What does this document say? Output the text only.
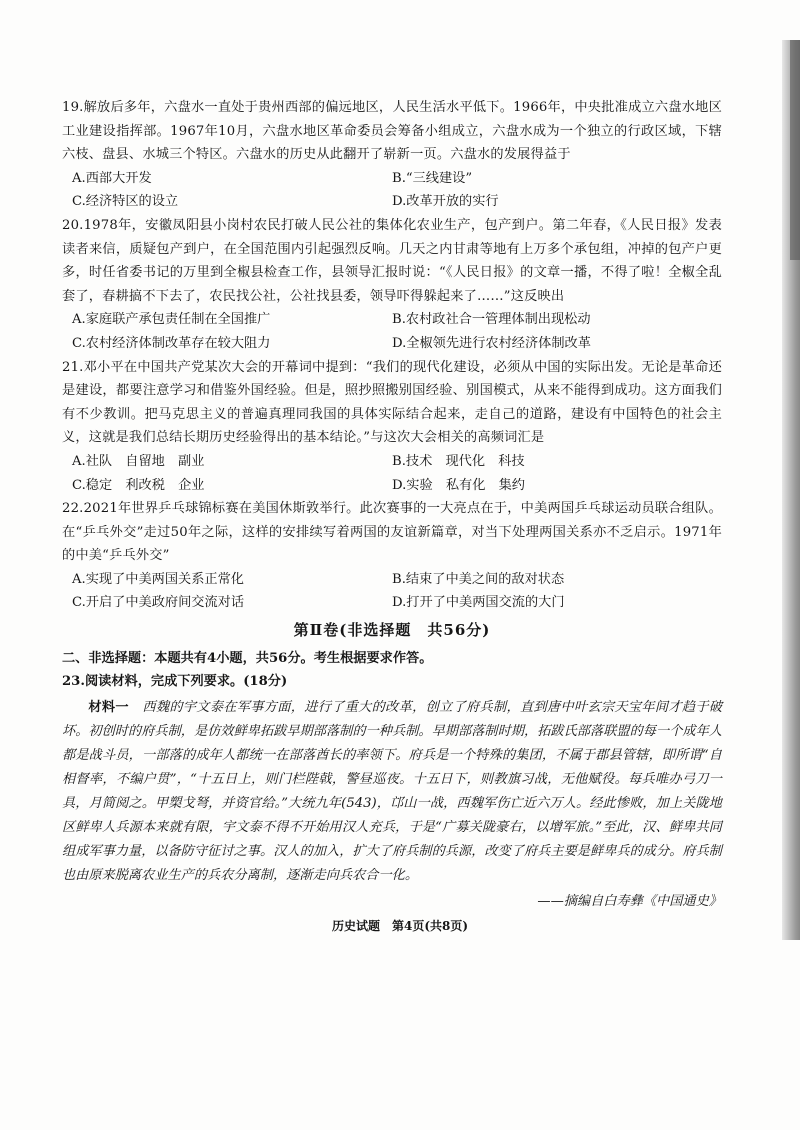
19.解放后多年，六盘水一直处于贵州西部的偏远地区，人民生活水平低下。1966年，中央批准成立六盘水地区工业建设指挥部。1967年10月，六盘水地区革命委员会筹备小组成立，六盘水成为一个独立的行政区域，下辖六枝、盘县、水城三个特区。六盘水的历史从此翻开了崭新一页。六盘水的发展得益于
A.西部大开发	B.“三线建设”
C.经济特区的设立	D.改革开放的实行
20.1978年，安徽凤阳县小岗村农民打破人民公社的集体化农业生产，包产到户。第二年春，《人民日报》发表读者来信，质疑包产到户，在全国范围内引起强烈反响。几天之内甘肃等地有上万多个承包组，冲掉的包产户更多，时任省委书记的万里到全椒县检查工作，县领导汇报时说：“《人民日报》的文章一播，不得了啦！全椒全乱套了，春耕搞不下去了，农民找公社，公社找县委，领导吓得躲起来了……”这反映出
A.家庭联产承包责任制在全国推广	B.农村政社合一管理体制出现松动
C.农村经济体制改革存在较大阻力	D.全椒领先进行农村经济体制改革
21.邓小平在中国共产党某次大会的开幕词中提到：“我们的现代化建设，必须从中国的实际出发。无论是革命还是建设，都要注意学习和借鉴外国经验。但是，照抄照搬别国经验、别国模式，从来不能得到成功。这方面我们有不少教训。把马克思主义的普遍真理同我国的具体实际结合起来，走自己的道路，建设有中国特色的社会主义，这就是我们总结长期历史经验得出的基本结论。”与这次大会相关的高频词汇是
A.社队　自留地　副业	B.技术　现代化　科技
C.稳定　利改税　企业	D.实验　私有化　集约
22.2021年世界乒乓球锦标赛在美国休斯敦举行。此次赛事的一大亮点在于，中美两国乒乓球运动员联合组队。在“乒乓外交”走过50年之际，这样的安排续写着两国的友谊新篇章，对当下处理两国关系亦不乏启示。1971年的中美“乒乓外交”
A.实现了中美两国关系正常化	B.结束了中美之间的敌对状态
C.开启了中美政府间交流对话	D.打开了中美两国交流的大门
第Ⅱ卷(非选择题　共56分)
二、非选择题：本题共有4小题，共56分。考生根据要求作答。
23.阅读材料，完成下列要求。(18分)
材料一　 西魏的宇文泰在军事方面，进行了重大的改革，创立了府兵制，直到唐中叶玄宗天宝年间才趋于破坏。初创时的府兵制，是仿效鲜卑拓跋早期部落制的一种兵制。早期部落制时期，拓跋氏部落联盟的每一个成年人都是战斗员，一部落的成年人都统一在部落酋长的率领下。府兵是一个特殊的集团，不属于郡县管辖，即所谓“自相督率，不编户贯”，“十五日上，则门栏陛戟，警昼巡夜。十五日下，则教旗习战，无他赋役。每兵唯办弓刀一具，月简阅之。甲槊戈弩，并资官给。”大统九年(543)，邙山一战，西魏军伤亡近六万人。经此惨败，加上关陇地区鲜卑人兵源本来就有限，宇文泰不得不开始用汉人充兵，于是“广募关陇豪右，以增军旅。”至此，汉、鲜卑共同组成军事力量，以备防守征讨之事。汉人的加入，扩大了府兵制的兵源，改变了府兵主要是鲜卑兵的成分。府兵制也由原来脱离农业生产的兵农分离制，逐渐走向兵农合一化。
——摘编自白寿彝《中国通史》
历史试题　第4页(共8页)
